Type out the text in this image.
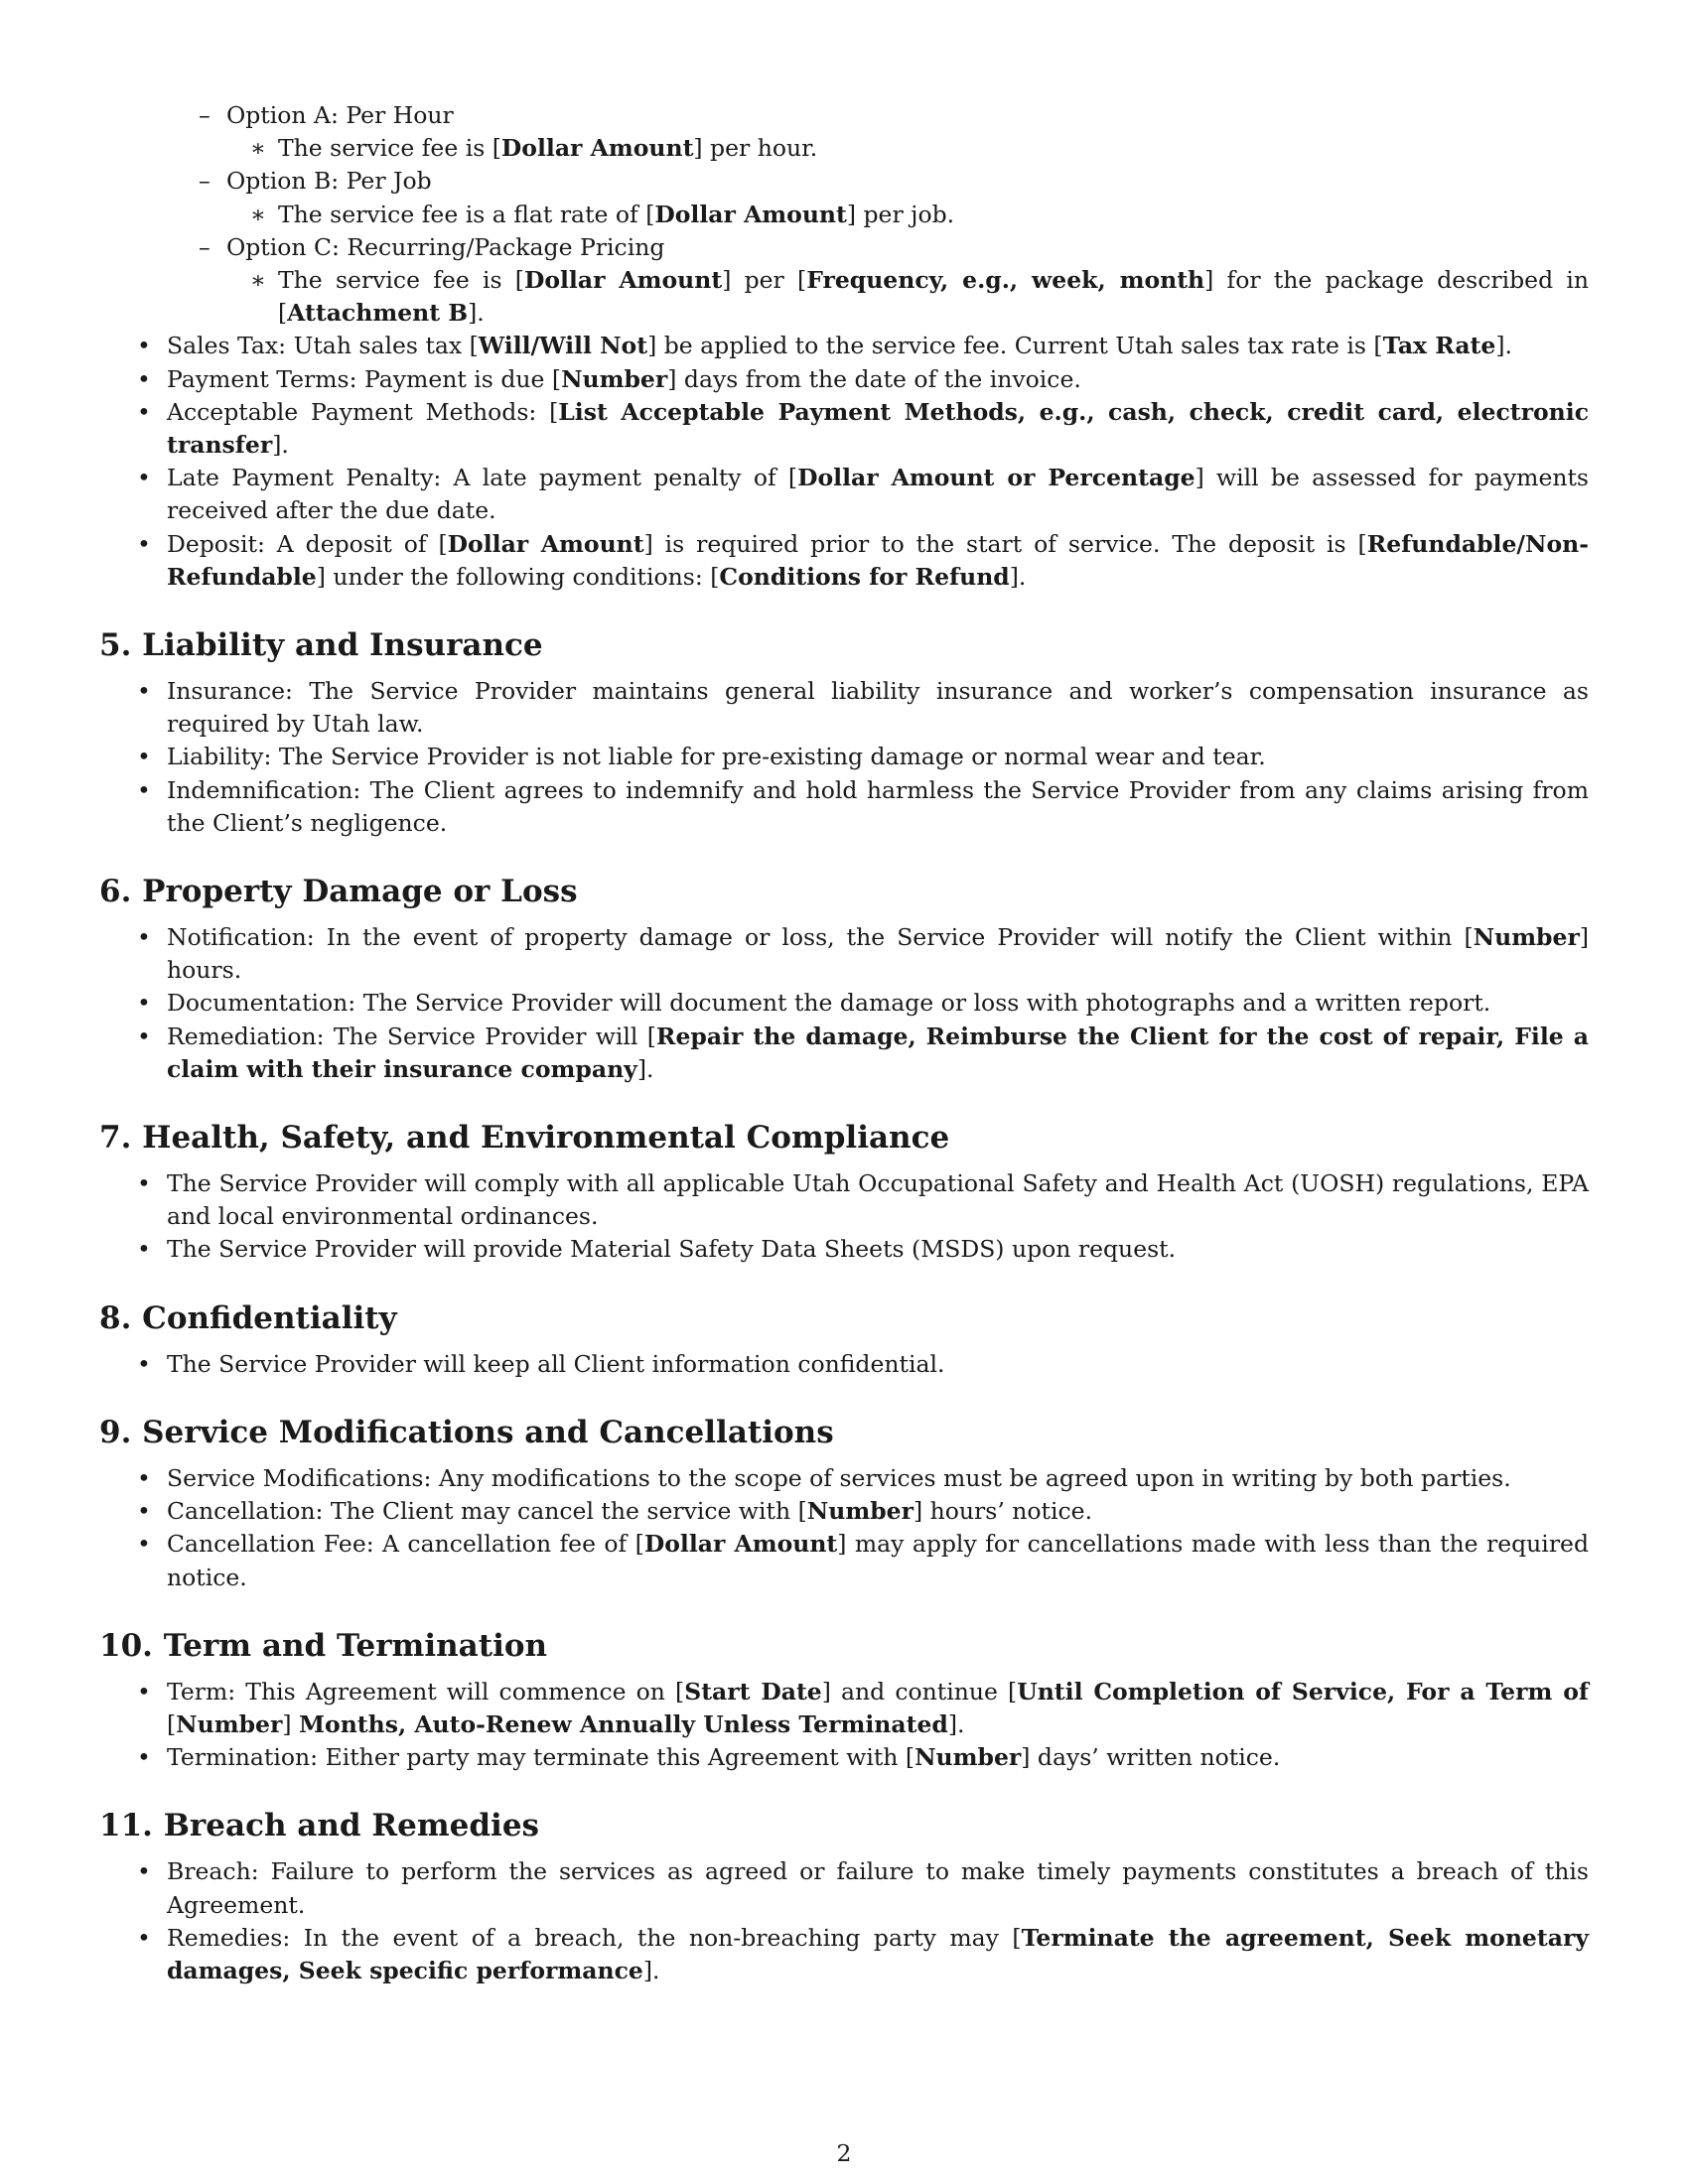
– Option A: Per Hour
∗ The service fee is [Dollar Amount] per hour.
– Option B: Per Job
∗ The service fee is a flat rate of [Dollar Amount] per job.
– Option C: Recurring/Package Pricing
∗ The service fee is [Dollar Amount] per [Frequency, e.g., week, month] for the package described in [Attachment B].
• Sales Tax: Utah sales tax [Will/Will Not] be applied to the service fee. Current Utah sales tax rate is [Tax Rate].
• Payment Terms: Payment is due [Number] days from the date of the invoice.
• Acceptable Payment Methods: [List Acceptable Payment Methods, e.g., cash, check, credit card, electronic transfer].
• Late Payment Penalty: A late payment penalty of [Dollar Amount or Percentage] will be assessed for payments received after the due date.
• Deposit: A deposit of [Dollar Amount] is required prior to the start of service. The deposit is [Refundable/Non-Refundable] under the following conditions: [Conditions for Refund].
5. Liability and Insurance
• Insurance: The Service Provider maintains general liability insurance and worker’s compensation insurance as required by Utah law.
• Liability: The Service Provider is not liable for pre-existing damage or normal wear and tear.
• Indemnification: The Client agrees to indemnify and hold harmless the Service Provider from any claims arising from the Client’s negligence.
6. Property Damage or Loss
• Notification: In the event of property damage or loss, the Service Provider will notify the Client within [Number] hours.
• Documentation: The Service Provider will document the damage or loss with photographs and a written report.
• Remediation: The Service Provider will [Repair the damage, Reimburse the Client for the cost of repair, File a claim with their insurance company].
7. Health, Safety, and Environmental Compliance
• The Service Provider will comply with all applicable Utah Occupational Safety and Health Act (UOSH) regulations, EPA and local environmental ordinances.
• The Service Provider will provide Material Safety Data Sheets (MSDS) upon request.
8. Confidentiality
• The Service Provider will keep all Client information confidential.
9. Service Modifications and Cancellations
• Service Modifications: Any modifications to the scope of services must be agreed upon in writing by both parties.
• Cancellation: The Client may cancel the service with [Number] hours’ notice.
• Cancellation Fee: A cancellation fee of [Dollar Amount] may apply for cancellations made with less than the required notice.
10. Term and Termination
• Term: This Agreement will commence on [Start Date] and continue [Until Completion of Service, For a Term of [Number] Months, Auto-Renew Annually Unless Terminated].
• Termination: Either party may terminate this Agreement with [Number] days’ written notice.
11. Breach and Remedies
• Breach: Failure to perform the services as agreed or failure to make timely payments constitutes a breach of this Agreement.
• Remedies: In the event of a breach, the non-breaching party may [Terminate the agreement, Seek monetary damages, Seek specific performance].
2
